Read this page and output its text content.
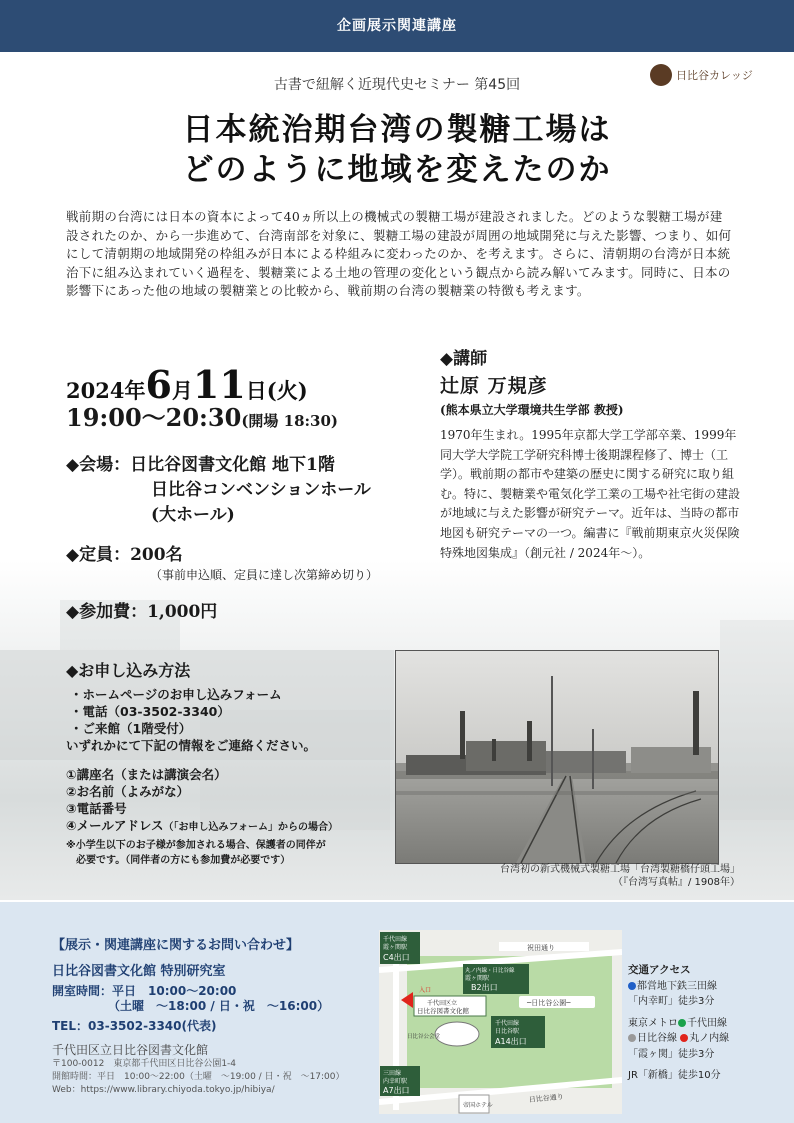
企画展示関連講座
古書で紐解く近現代史セミナー 第45回
日比谷カレッジ
日本統治期台湾の製糖工場は
どのように地域を変えたのか
戦前期の台湾には日本の資本によって40ヵ所以上の機械式の製糖工場が建設されました。どのような製糖工場が建設されたのか、から一歩進めて、台湾南部を対象に、製糖工場の建設が周囲の地域開発に与えた影響、つまり、如何にして清朝期の地域開発の枠組みが日本による枠組みに変わったのか、を考えます。さらに、清朝期の台湾が日本統治下に組み込まれていく過程を、製糖業による土地の管理の変化という観点から読み解いてみます。同時に、日本の影響下にあった他の地域の製糖業との比較から、戦前期の台湾の製糖業の特徴も考えます。
2024年6月11日(火)
19:00～20:30(開場 18:30)
◆会場：日比谷図書文化館 地下1階
日比谷コンベンションホール
(大ホール)
◆定員：200名
（事前申込順、定員に達し次第締め切り）
◆参加費：1,000円
◆講師
辻原 万規彦
(熊本県立大学環境共生学部 教授)
1970年生まれ。1995年京都大学工学部卒業、1999年同大学大学院工学研究科博士後期課程修了、博士（工学）。戦前期の都市や建築の歴史に関する研究に取り組む。特に、製糖業や電気化学工業の工場や社宅街の建設が地域に与えた影響が研究テーマ。近年は、当時の都市地図も研究テーマの一つ。編書に『戦前期東京火災保険特殊地図集成』（創元社 / 2024年～）。
◆お申し込み方法
・ホームページのお申し込みフォーム
・電話（03-3502-3340）
・ご来館（1階受付）
いずれかにて下記の情報をご連絡ください。
①講座名（または講演会名）
②お名前（よみがな）
③電話番号
④メールアドレス（「お申し込みフォーム」からの場合）
※小学生以下のお子様が参加される場合、保護者の同伴が
必要です。（同伴者の方にも参加費が必要です）
台湾初の新式機械式製糖工場「台湾製糖橋仔頭工場」
（『台湾写真帖』/ 1908年）
【展示・関連講座に関するお問い合わせ】
日比谷図書文化館 特別研究室
開室時間：平日　10:00～20:00
（土曜　～18:00 / 日・祝　～16:00）
TEL：03-3502-3340(代表)
千代田区立日比谷図書文化館
〒100-0012　東京都千代田区日比谷公園1-4
開館時間：平日　10:00～22:00（土曜　～19:00 / 日・祝　～17:00）
Web：https://www.library.chiyoda.tokyo.jp/hibiya/
祝田通り
日比谷通り
千代田線
霞ヶ関駅
C4出口
丸ノ内線・日比谷線
霞ヶ関駅
B2出口
千代田区立
日比谷図書文化館
入口
─日比谷公園─
千代田線
日比谷駅
A14出口
日比谷公会堂
三田線
内幸町駅
A7出口
帝国ホテル
交通アクセス
都営地下鉄三田線
「内幸町」徒歩3分
東京メトロ 千代田線
日比谷線 丸ノ内線
「霞ヶ関」徒歩3分
JR「新橋」徒歩10分
